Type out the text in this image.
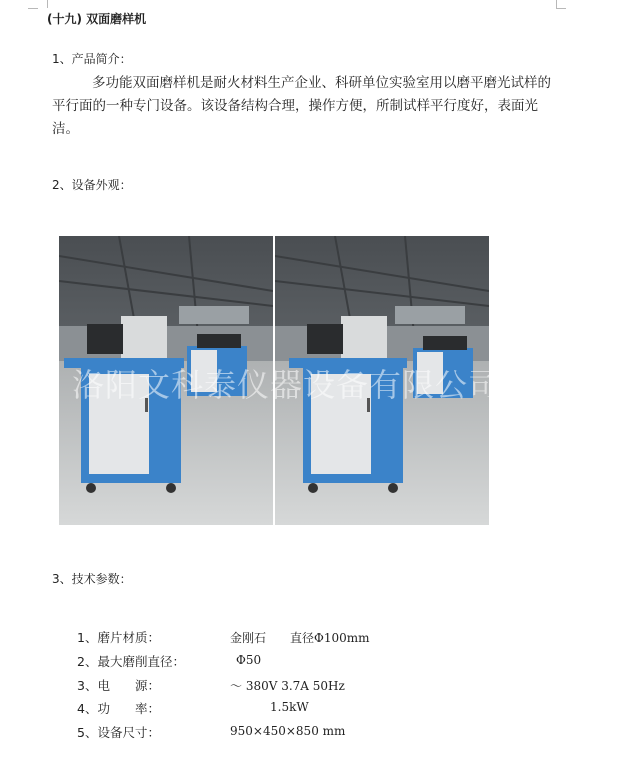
(十九) 双面磨样机
1、产品简介：
多功能双面磨样机是耐火材料生产企业、科研单位实验室用以磨平磨光试样的平行面的一种专门设备。该设备结构合理，操作方便，所制试样平行度好，表面光洁。
2、设备外观：
洛阳文科泰仪器设备有限公司
3、技术参数：
1、磨片材质：	金刚石　　直径Φ100mm
2、最大磨削直径：	Φ50
3、电　　源：	～ 380V 3.7A 50Hz
4、功　　率：	1.5kW
5、设备尺寸：	950×450×850 mm
